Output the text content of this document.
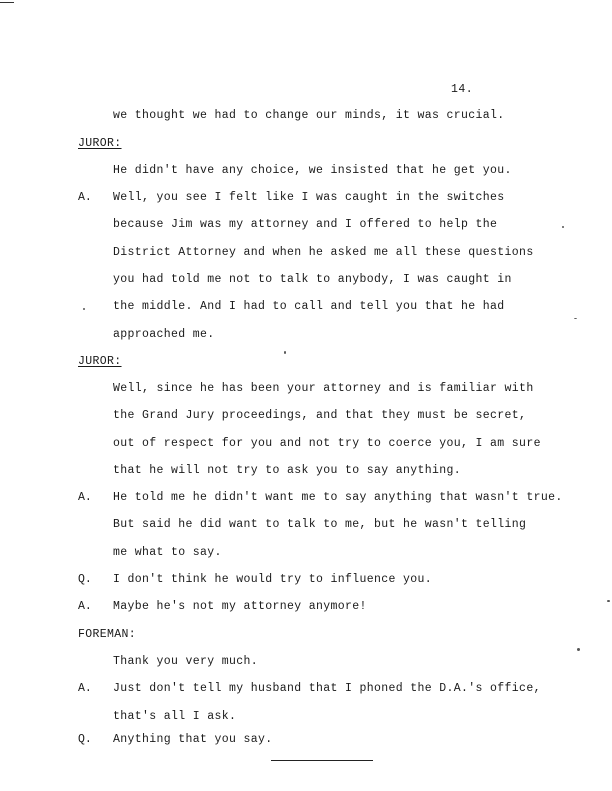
14.
we thought we had to change our minds, it was crucial.
JUROR:
He didn't have any choice, we insisted that he get you.
A. Well, you see I felt like I was caught in the switches
because Jim was my attorney and I offered to help the
District Attorney and when he asked me all these questions
you had told me not to talk to anybody, I was caught in
the middle. And I had to call and tell you that he had
approached me.
JUROR:
Well, since he has been your attorney and is familiar with
the Grand Jury proceedings, and that they must be secret,
out of respect for you and not try to coerce you, I am sure
that he will not try to ask you to say anything.
A. He told me he didn't want me to say anything that wasn't true.
But said he did want to talk to me, but he wasn't telling
me what to say.
Q. I don't think he would try to influence you.
A. Maybe he's not my attorney anymore!
FOREMAN:
Thank you very much.
A. Just don't tell my husband that I phoned the D.A.'s office,
that's all I ask.
Q. Anything that you say.
